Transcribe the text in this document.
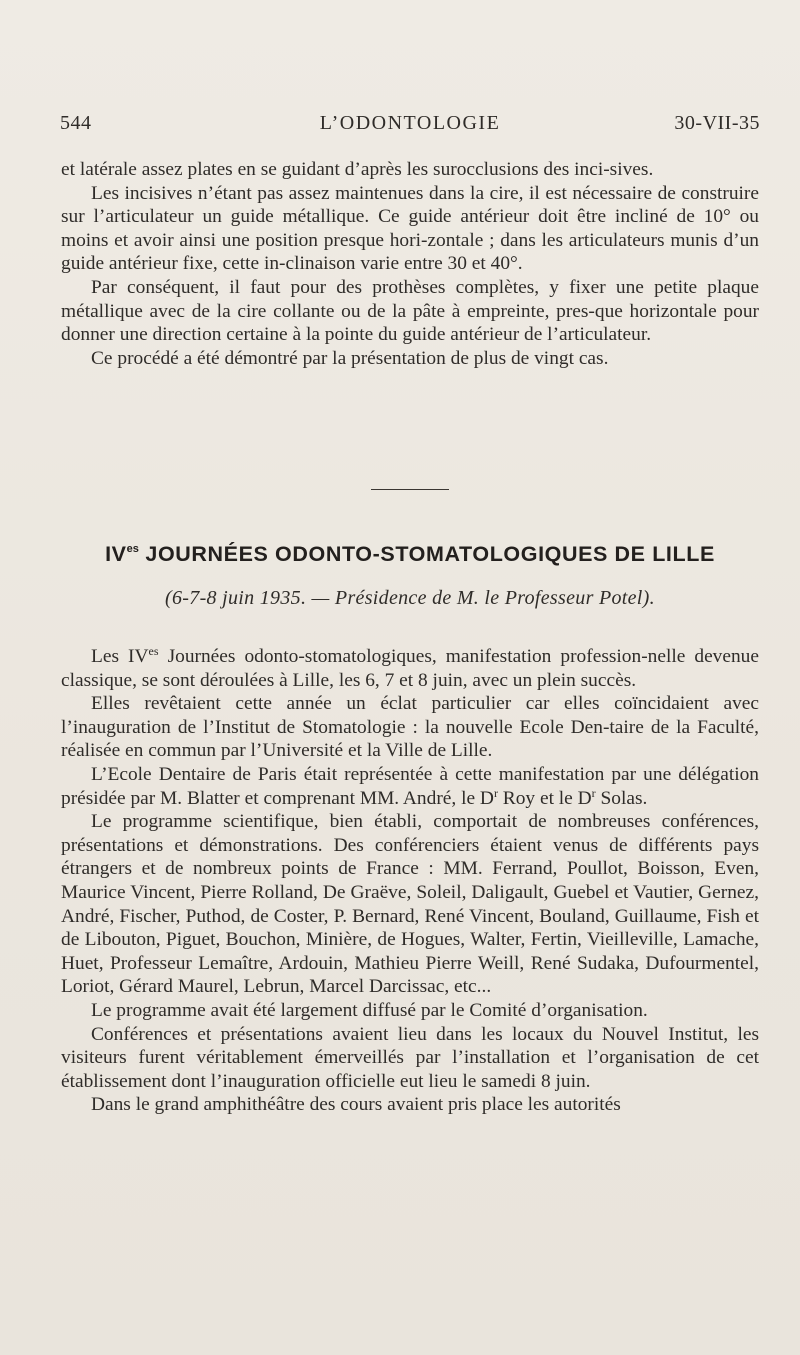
544	L’ODONTOLOGIE	30-VII-35

et latérale assez plates en se guidant d’après les surocclusions des inci-sives.

Les incisives n’étant pas assez maintenues dans la cire, il est nécessaire de construire sur l’articulateur un guide métallique. Ce guide antérieur doit être incliné de 10° ou moins et avoir ainsi une position presque hori-zontale ; dans les articulateurs munis d’un guide antérieur fixe, cette in-clinaison varie entre 30 et 40°.

Par conséquent, il faut pour des prothèses complètes, y fixer une petite plaque métallique avec de la cire collante ou de la pâte à empreinte, pres-que horizontale pour donner une direction certaine à la pointe du guide antérieur de l’articulateur.

Ce procédé a été démontré par la présentation de plus de vingt cas.

$IV^{es}$ JOURNÉES ODONTO-STOMATOLOGIQUES DE LILLE
(6-7-8 juin 1935. — Présidence de M. le Professeur Potel).

Les $IV^{es}$ Journées odonto-stomatologiques, manifestation profession-nelle devenue classique, se sont déroulées à Lille, les 6, 7 et 8 juin, avec un plein succès.

Elles revêtaient cette année un éclat particulier car elles coïncidaient avec l’inauguration de l’Institut de Stomatologie : la nouvelle Ecole Den-taire de la Faculté, réalisée en commun par l’Université et la Ville de Lille.

L’Ecole Dentaire de Paris était représentée à cette manifestation par une délégation présidée par M. Blatter et comprenant MM. André, le $D^r$ Roy et le $D^r$ Solas.

Le programme scientifique, bien établi, comportait de nombreuses conférences, présentations et démonstrations. Des conférenciers étaient venus de différents pays étrangers et de nombreux points de France : MM. Ferrand, Poullot, Boisson, Even, Maurice Vincent, Pierre Rolland, De Graëve, Soleil, Daligault, Guebel et Vautier, Gernez, André, Fischer, Puthod, de Coster, P. Bernard, René Vincent, Bouland, Guillaume, Fish et de Libouton, Piguet, Bouchon, Minière, de Hogues, Walter, Fertin, Vieilleville, Lamache, Huet, Professeur Lemaître, Ardouin, Mathieu Pierre Weill, René Sudaka, Dufourmentel, Loriot, Gérard Maurel, Lebrun, Marcel Darcissac, etc...

Le programme avait été largement diffusé par le Comité d’organisation.

Conférences et présentations avaient lieu dans les locaux du Nouvel Institut, les visiteurs furent véritablement émerveillés par l’installation et l’organisation de cet établissement dont l’inauguration officielle eut lieu le samedi 8 juin.

Dans le grand amphithéâtre des cours avaient pris place les autorités
